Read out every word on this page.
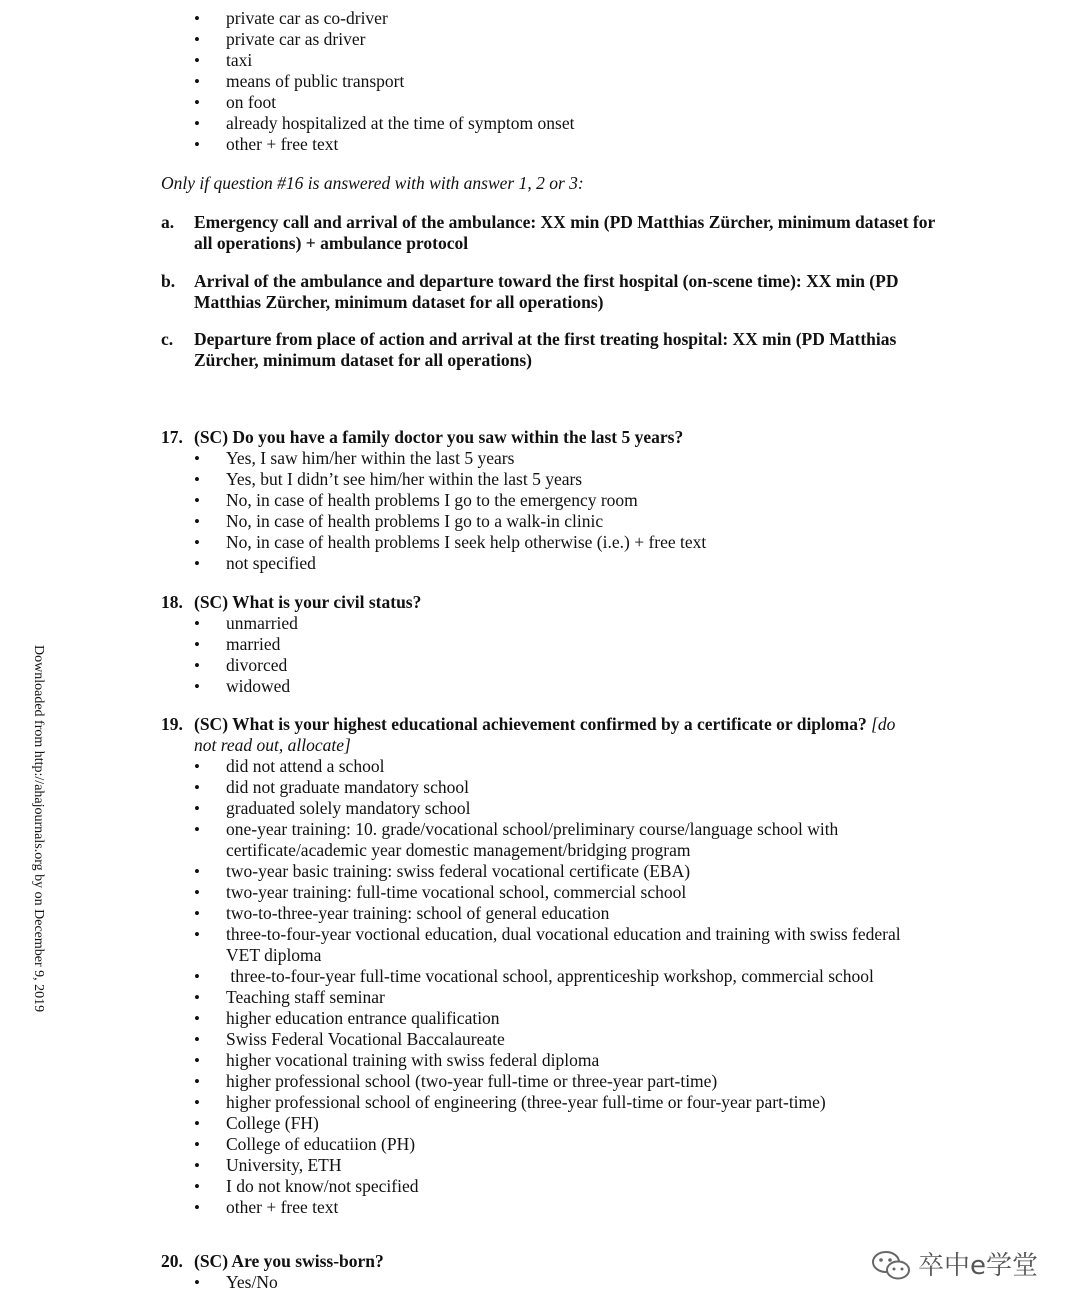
• private car as co-driver
• private car as driver
• taxi
• means of public transport
• on foot
• already hospitalized at the time of symptom onset
• other + free text
Only if question #16 is answered with with answer 1, 2 or 3:
a. Emergency call and arrival of the ambulance: XX min (PD Matthias Zürcher, minimum dataset for all operations) + ambulance protocol
b. Arrival of the ambulance and departure toward the first hospital (on-scene time): XX min (PD Matthias Zürcher, minimum dataset for all operations)
c. Departure from place of action and arrival at the first treating hospital: XX min (PD Matthias Zürcher, minimum dataset for all operations)
17. (SC) Do you have a family doctor you saw within the last 5 years?
• Yes, I saw him/her within the last 5 years
• Yes, but I didn’t see him/her within the last 5 years
• No, in case of health problems I go to the emergency room
• No, in case of health problems I go to a walk-in clinic
• No, in case of health problems I seek help otherwise (i.e.) + free text
• not specified
18. (SC) What is your civil status?
• unmarried
• married
• divorced
• widowed
19. (SC) What is your highest educational achievement confirmed by a certificate or diploma? [do not read out, allocate]
• did not attend a school
• did not graduate mandatory school
• graduated solely mandatory school
• one-year training: 10. grade/vocational school/preliminary course/language school with certificate/academic year domestic management/bridging program
• two-year basic training: swiss federal vocational certificate (EBA)
• two-year training: full-time vocational school, commercial school
• two-to-three-year training: school of general education
• three-to-four-year voctional education, dual vocational education and training with swiss federal VET diploma
•  three-to-four-year full-time vocational school, apprenticeship workshop, commercial school
• Teaching staff seminar
• higher education entrance qualification
• Swiss Federal Vocational Baccalaureate
• higher vocational training with swiss federal diploma
• higher professional school (two-year full-time or three-year part-time)
• higher professional school of engineering (three-year full-time or four-year part-time)
• College (FH)
• College of educatiion (PH)
• University, ETH
• I do not know/not specified
• other + free text
20. (SC) Are you swiss-born?
• Yes/No
Downloaded from http://ahajournals.org by on December 9, 2019
卒中e学堂
